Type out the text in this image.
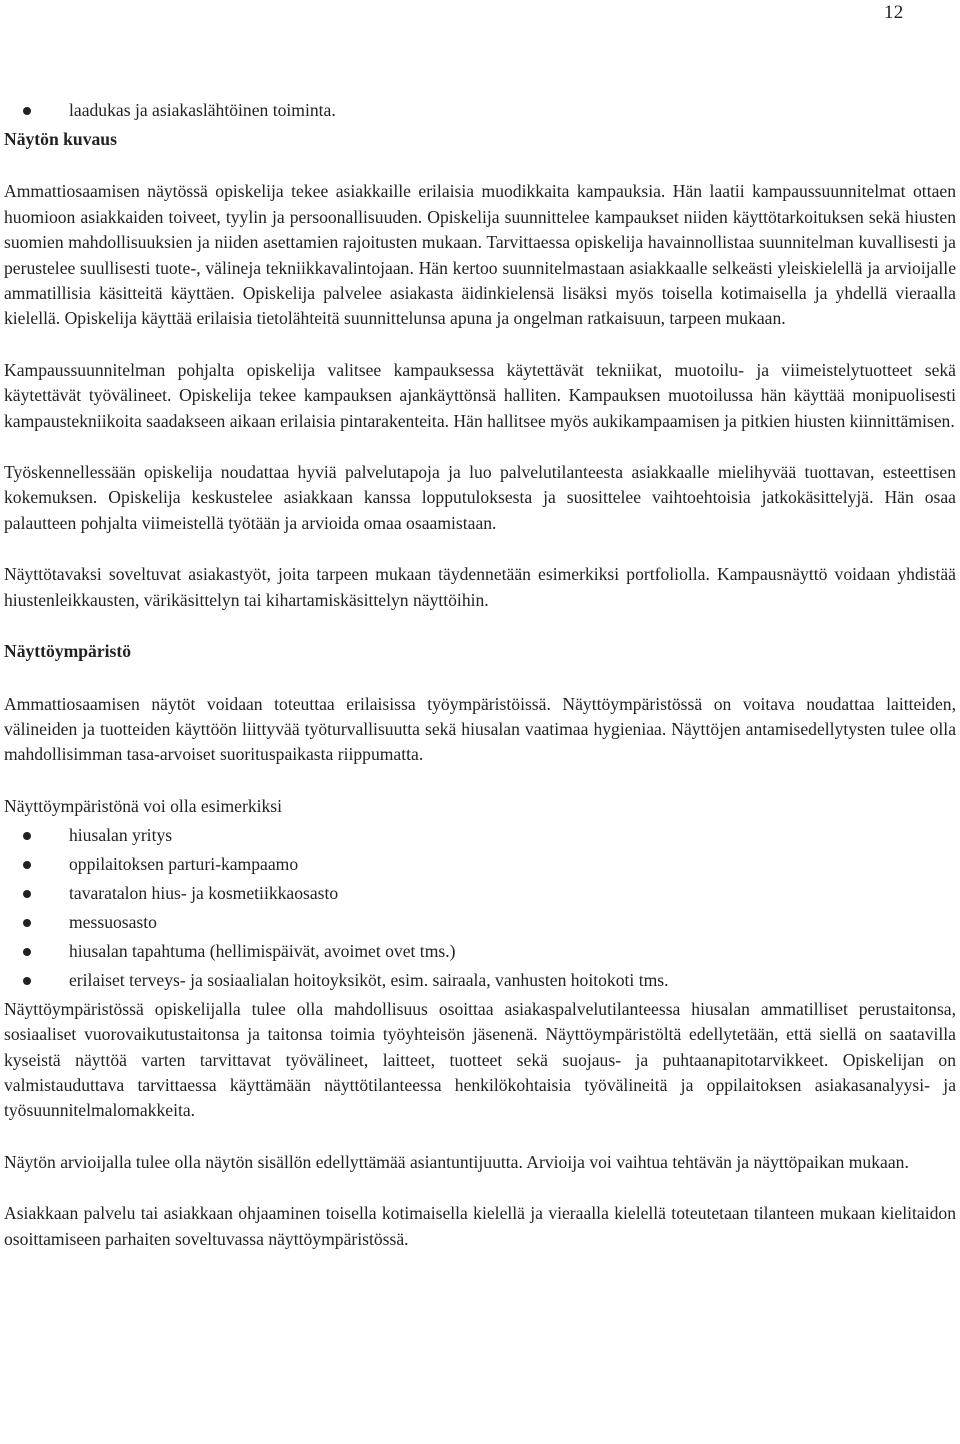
12
laadukas ja asiakaslähtöinen toiminta.
Näytön kuvaus

Ammattiosaamisen näytössä opiskelija tekee asiakkaille erilaisia muodikkaita kampauksia. Hän laatii kampaussuunnitelmat ottaen huomioon asiakkaiden toiveet, tyylin ja persoonallisuuden. Opiskelija suunnittelee kampaukset niiden käyttötarkoituksen sekä hiusten suomien mahdollisuuksien ja niiden asettamien rajoitusten mukaan. Tarvittaessa opiskelija havainnollistaa suunnitelman kuvallisesti ja perustelee suullisesti tuote-, välineja tekniikkavalintojaan. Hän kertoo suunnitelmastaan asiakkaalle selkeästi yleiskielellä ja arvioijalle ammatillisia käsitteitä käyttäen. Opiskelija palvelee asiakasta äidinkielensä lisäksi myös toisella kotimaisella ja yhdellä vieraalla kielellä. Opiskelija käyttää erilaisia tietolähteitä suunnittelunsa apuna ja ongelman ratkaisuun, tarpeen mukaan.

Kampaussuunnitelman pohjalta opiskelija valitsee kampauksessa käytettävät tekniikat, muotoilu- ja viimeistelytuotteet sekä käytettävät työvälineet. Opiskelija tekee kampauksen ajankäyttönsä halliten. Kampauksen muotoilussa hän käyttää monipuolisesti kampaustekniikoita saadakseen aikaan erilaisia pintarakenteita. Hän hallitsee myös aukikampaamisen ja pitkien hiusten kiinnittämisen.

Työskennellessään opiskelija noudattaa hyviä palvelutapoja ja luo palvelutilanteesta asiakkaalle mielihyvää tuottavan, esteettisen kokemuksen. Opiskelija keskustelee asiakkaan kanssa lopputuloksesta ja suosittelee vaihtoehtoisia jatkokäsittelyjä. Hän osaa palautteen pohjalta viimeistellä työtään ja arvioida omaa osaamistaan.

Näyttötavaksi soveltuvat asiakastyöt, joita tarpeen mukaan täydennetään esimerkiksi portfoliolla. Kampausnäyttö voidaan yhdistää hiustenleikkausten, värikäsittelyn tai kihartamiskäsittelyn näyttöihin.

Näyttöympäristö

Ammattiosaamisen näytöt voidaan toteuttaa erilaisissa työympäristöissä. Näyttöympäristössä on voitava noudattaa laitteiden, välineiden ja tuotteiden käyttöön liittyvää työturvallisuutta sekä hiusalan vaatimaa hygieniaa. Näyttöjen antamisedellytysten tulee olla mahdollisimman tasa-arvoiset suorituspaikasta riippumatta.

Näyttöympäristönä voi olla esimerkiksi

hiusalan yritys
oppilaitoksen parturi-kampaamo
tavaratalon hius- ja kosmetiikkaosasto
messuosasto
hiusalan tapahtuma (hellimispäivät, avoimet ovet tms.)
erilaiset terveys- ja sosiaalialan hoitoyksiköt, esim. sairaala, vanhusten hoitokoti tms.

Näyttöympäristössä opiskelijalla tulee olla mahdollisuus osoittaa asiakaspalvelutilanteessa hiusalan ammatilliset perustaitonsa, sosiaaliset vuorovaikutustaitonsa ja taitonsa toimia työyhteisön jäsenenä. Näyttöympäristöltä edellytetään, että siellä on saatavilla kyseistä näyttöä varten tarvittavat työvälineet, laitteet, tuotteet sekä suojaus- ja puhtaanapitotarvikkeet. Opiskelijan on valmistauduttava tarvittaessa käyttämään näyttötilanteessa henkilökohtaisia työvälineitä ja oppilaitoksen asiakasanalyysi- ja työsuunnitelmalomakkeita.

Näytön arvioijalla tulee olla näytön sisällön edellyttämää asiantuntijuutta. Arvioija voi vaihtua tehtävän ja näyttöpaikan mukaan.

Asiakkaan palvelu tai asiakkaan ohjaaminen toisella kotimaisella kielellä ja vieraalla kielellä toteutetaan tilanteen mukaan kielitaidon osoittamiseen parhaiten soveltuvassa näyttöympäristössä.
